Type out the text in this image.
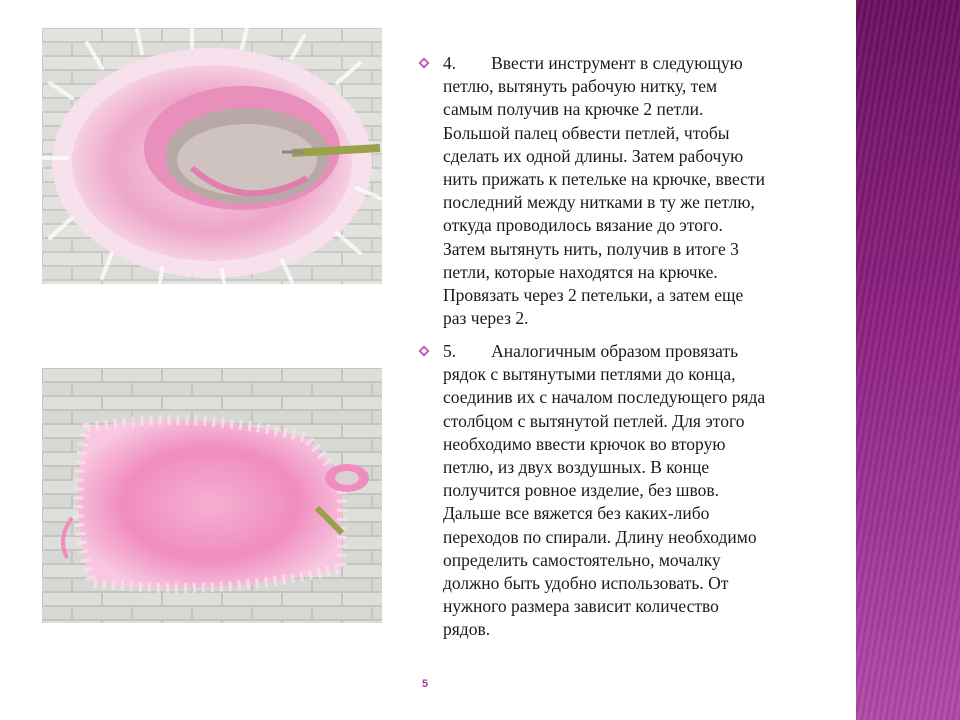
4.  Ввести инструмент в следующую
петлю, вытянуть рабочую нитку, тем
самым получив на крючке 2 петли.
Большой палец обвести петлей, чтобы
сделать их одной длины. Затем рабочую
нить прижать к петельке на крючке, ввести
последний между нитками в ту же петлю,
откуда проводилось вязание до этого.
Затем вытянуть нить, получив в итоге 3
петли, которые находятся на крючке.
Провязать через 2 петельки, а затем еще
раз через 2.
5.  Аналогичным образом провязать
рядок с вытянутыми петлями до конца,
соединив их с началом последующего ряда
столбцом с вытянутой петлей. Для этого
необходимо ввести крючок во вторую
петлю, из двух воздушных. В конце
получится ровное изделие, без швов.
Дальше все вяжется без каких-либо
переходов по спирали. Длину необходимо
определить самостоятельно, мочалку
должно быть удобно использовать. От
нужного размера зависит количество
рядов.
5
